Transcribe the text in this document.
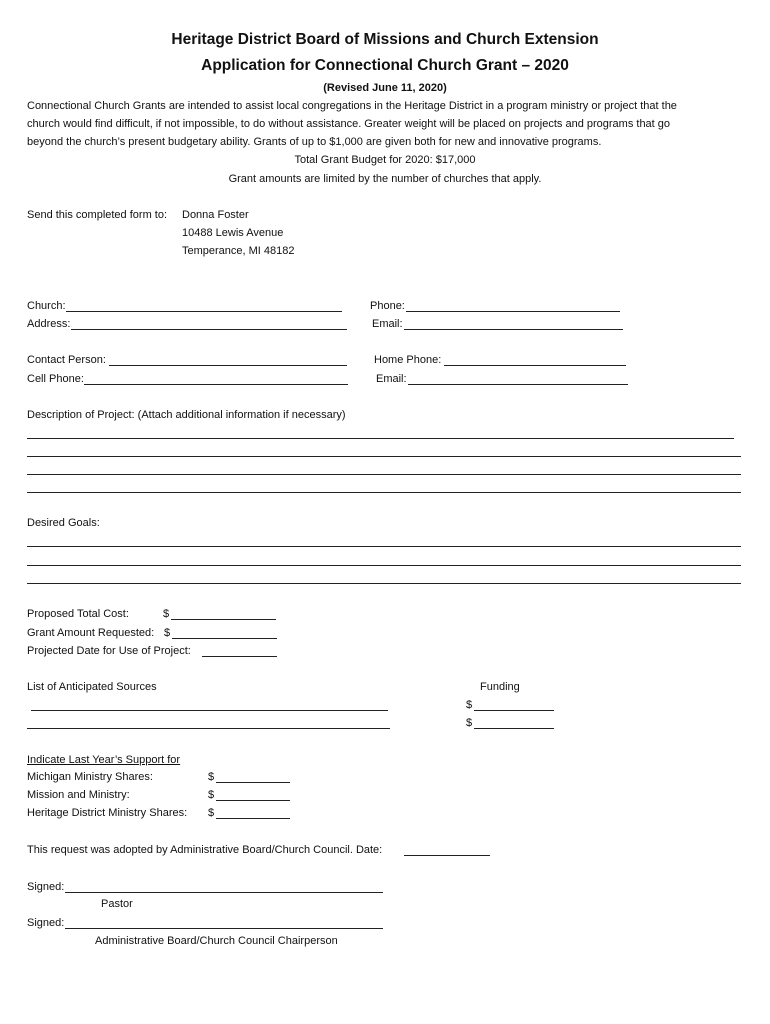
Heritage District Board of Missions and Church Extension
Application for Connectional Church Grant – 2020
(Revised June 11, 2020)
Connectional Church Grants are intended to assist local congregations in the Heritage District in a program ministry or project that the
church would find difficult, if not impossible, to do without assistance. Greater weight will be placed on projects and programs that go
beyond the church’s present budgetary ability. Grants of up to $1,000 are given both for new and innovative programs.
Total Grant Budget for 2020: $17,000
Grant amounts are limited by the number of churches that apply.
Send this completed form to: Donna Foster
10488 Lewis Avenue
Temperance, MI 48182
Church:	Phone:
Address:	Email:
Contact Person:	Home Phone:
Cell Phone:	Email:
Description of Project: (Attach additional information if necessary)
Desired Goals:
Proposed Total Cost:	$
Grant Amount Requested: $
Projected Date for Use of Project:
List of Anticipated Sources	Funding
$
$
Indicate Last Year’s Support for
Michigan Ministry Shares:	$
Mission and Ministry:	$
Heritage District Ministry Shares: $
This request was adopted by Administrative Board/Church Council. Date:
Signed:
Pastor
Signed:
Administrative Board/Church Council Chairperson
